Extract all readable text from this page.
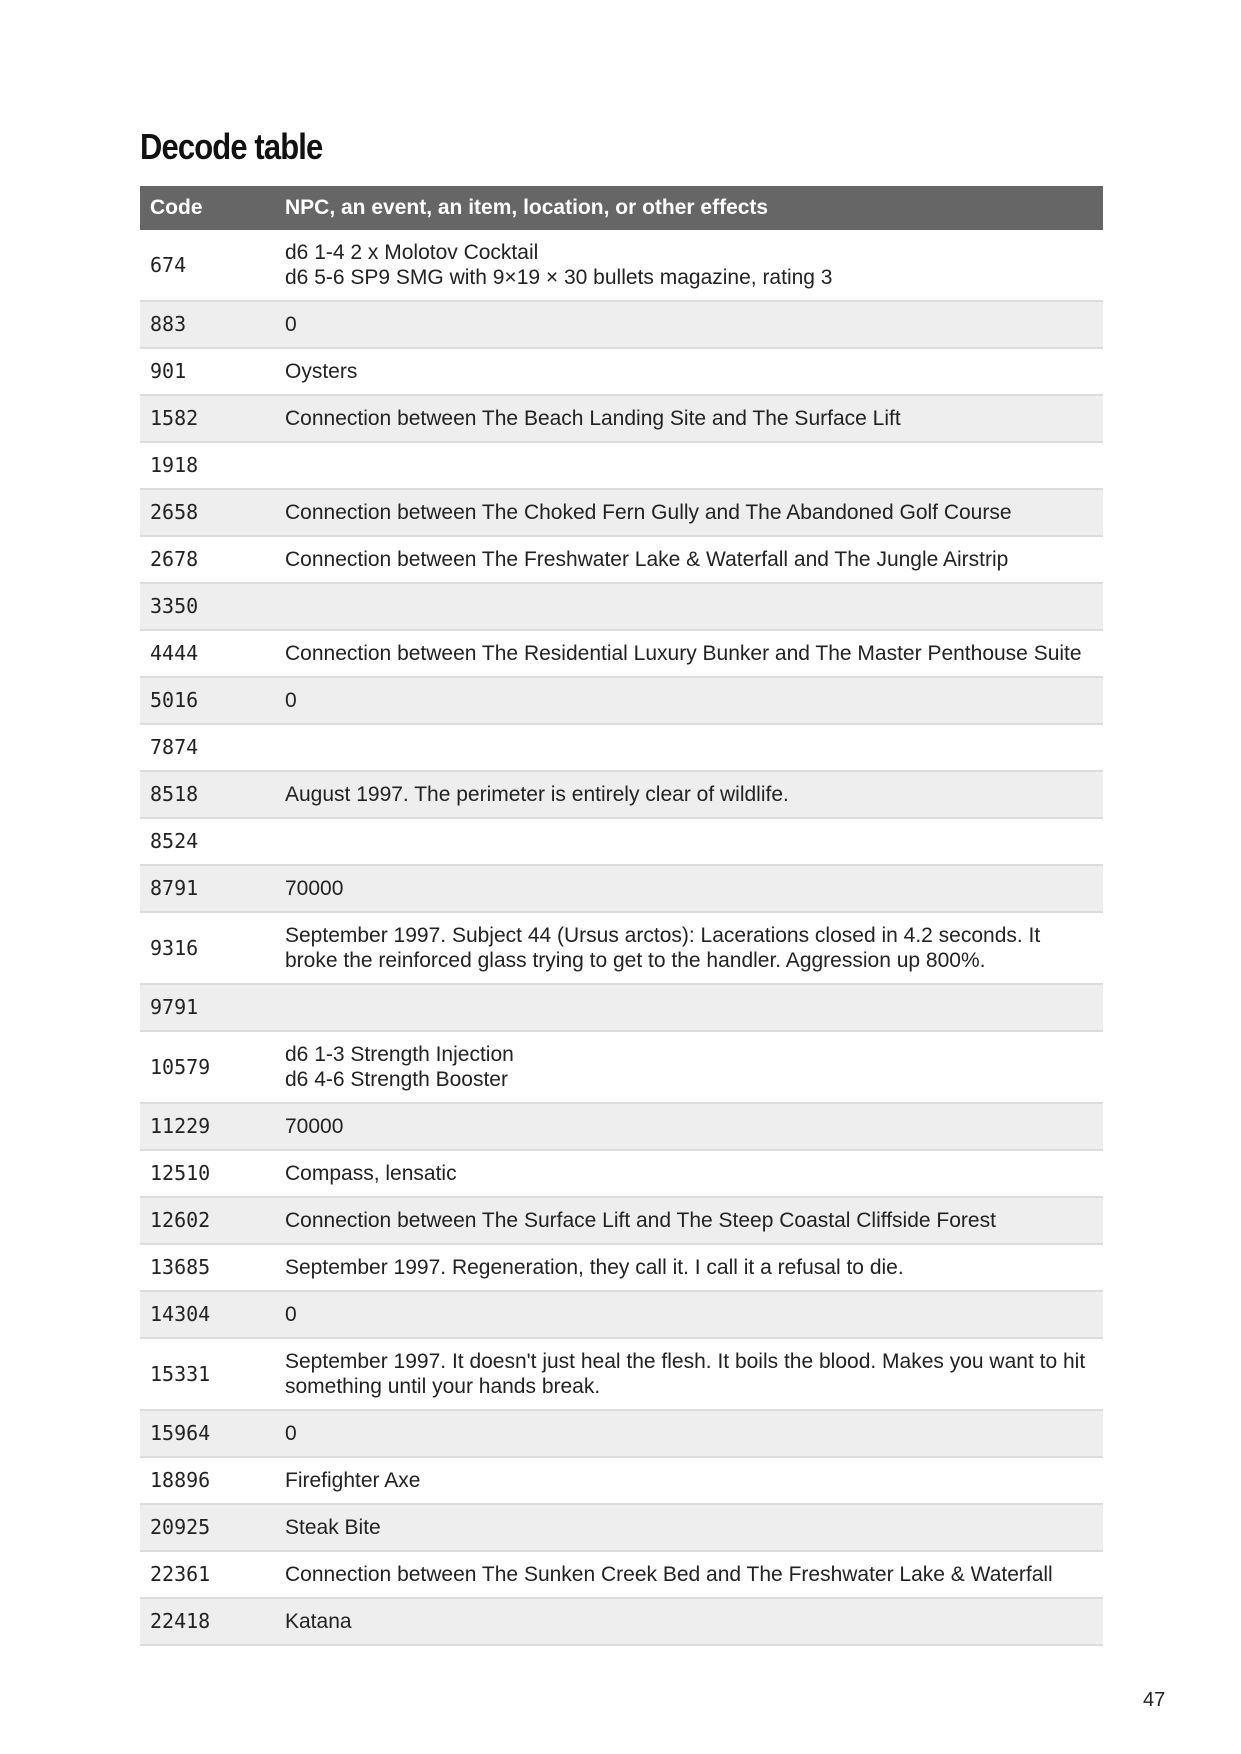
Decode table
Code	NPC, an event, an item, location, or other effects
674	d6 1-4 2 x Molotov Cocktail
d6 5-6 SP9 SMG with 9×19 × 30 bullets magazine, rating 3

883	0

901	Oysters

1582	Connection between The Beach Landing Site and The Surface Lift

1918	

2658	Connection between The Choked Fern Gully and The Abandoned Golf Course

2678	Connection between The Freshwater Lake & Waterfall and The Jungle Airstrip

3350	

4444	Connection between The Residential Luxury Bunker and The Master Penthouse Suite

5016	0

7874	

8518	August 1997. The perimeter is entirely clear of wildlife.

8524	

8791	70000

9316	September 1997. Subject 44 (Ursus arctos): Lacerations closed in 4.2 seconds. It broke the reinforced glass trying to get to the handler. Aggression up 800%.

9791	

10579	d6 1-3 Strength Injection
d6 4-6 Strength Booster

11229	70000

12510	Compass, lensatic

12602	Connection between The Surface Lift and The Steep Coastal Cliffside Forest

13685	September 1997. Regeneration, they call it. I call it a refusal to die.

14304	0

15331	September 1997. It doesn't just heal the flesh. It boils the blood. Makes you want to hit something until your hands break.

15964	0

18896	Firefighter Axe

20925	Steak Bite

22361	Connection between The Sunken Creek Bed and The Freshwater Lake & Waterfall

22418	Katana
47
